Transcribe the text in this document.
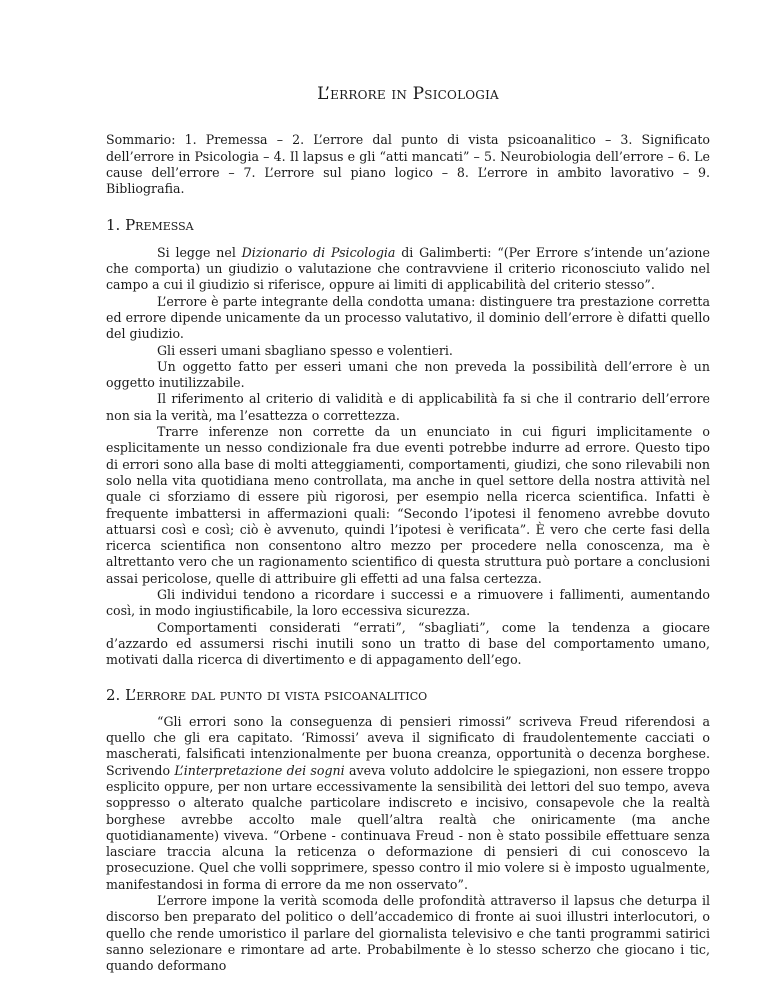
L’errore in Psicologia

Sommario: 1. Premessa – 2. L’errore dal punto di vista psicoanalitico – 3. Significato dell’errore in Psicologia – 4. Il lapsus e gli “atti mancati” – 5. Neurobiologia dell’errore – 6. Le cause dell’errore – 7. L’errore sul piano logico – 8. L’errore in ambito lavorativo – 9. Bibliografia.

1. Premessa

Si legge nel Dizionario di Psicologia di Galimberti: “(Per Errore s’intende un’azione che comporta) un giudizio o valutazione che contravviene il criterio riconosciuto valido nel campo a cui il giudizio si riferisce, oppure ai limiti di applicabilità del criterio stesso”.

L’errore è parte integrante della condotta umana: distinguere tra prestazione corretta ed errore dipende unicamente da un processo valutativo, il dominio dell’errore è difatti quello del giudizio.

Gli esseri umani sbagliano spesso e volentieri.

Un oggetto fatto per esseri umani che non preveda la possibilità dell’errore è un oggetto inutilizzabile.

Il riferimento al criterio di validità e di applicabilità fa si che il contrario dell’errore non sia la verità, ma l’esattezza o correttezza.

Trarre inferenze non corrette da un enunciato in cui figuri implicitamente o esplicitamente un nesso condizionale fra due eventi potrebbe indurre ad errore. Questo tipo di errori sono alla base di molti atteggiamenti, comportamenti, giudizi, che sono rilevabili non solo nella vita quotidiana meno controllata, ma anche in quel settore della nostra attività nel quale ci sforziamo di essere più rigorosi, per esempio nella ricerca scientifica. Infatti è frequente imbattersi in affermazioni quali: “Secondo l’ipotesi il fenomeno avrebbe dovuto attuarsi così e così; ciò è avvenuto, quindi l’ipotesi è verificata”. È vero che certe fasi della ricerca scientifica non consentono altro mezzo per procedere nella conoscenza, ma è altrettanto vero che un ragionamento scientifico di questa struttura può portare a conclusioni assai pericolose, quelle di attribuire gli effetti ad una falsa certezza.

Gli individui tendono a ricordare i successi e a rimuovere i fallimenti, aumentando così, in modo ingiustificabile, la loro eccessiva sicurezza.

Comportamenti considerati “errati”, “sbagliati”, come la tendenza a giocare d’azzardo ed assumersi rischi inutili sono un tratto di base del comportamento umano, motivati dalla ricerca di divertimento e di appagamento dell’ego.

2. L’errore dal punto di vista psicoanalitico

“Gli errori sono la conseguenza di pensieri rimossi” scriveva Freud riferendosi a quello che gli era capitato. ‘Rimossi’ aveva il significato di fraudolentemente cacciati o mascherati, falsificati intenzionalmente per buona creanza, opportunità o decenza borghese. Scrivendo L’interpretazione dei sogni aveva voluto addolcire le spiegazioni, non essere troppo esplicito oppure, per non urtare eccessivamente la sensibilità dei lettori del suo tempo, aveva soppresso o alterato qualche particolare indiscreto e incisivo, consapevole che la realtà borghese avrebbe accolto male quell’altra realtà che oniricamente (ma anche quotidianamente) viveva. “Orbene - continuava Freud - non è stato possibile effettuare senza lasciare traccia alcuna la reticenza o deformazione di pensieri di cui conoscevo la prosecuzione. Quel che volli sopprimere, spesso contro il mio volere si è imposto ugualmente, manifestandosi in forma di errore da me non osservato”.

L’errore impone la verità scomoda delle profondità attraverso il lapsus che deturpa il discorso ben preparato del politico o dell’accademico di fronte ai suoi illustri interlocutori, o quello che rende umoristico il parlare del giornalista televisivo e che tanti programmi satirici sanno selezionare e rimontare ad arte. Probabilmente è lo stesso scherzo che giocano i tic, quando deformano
